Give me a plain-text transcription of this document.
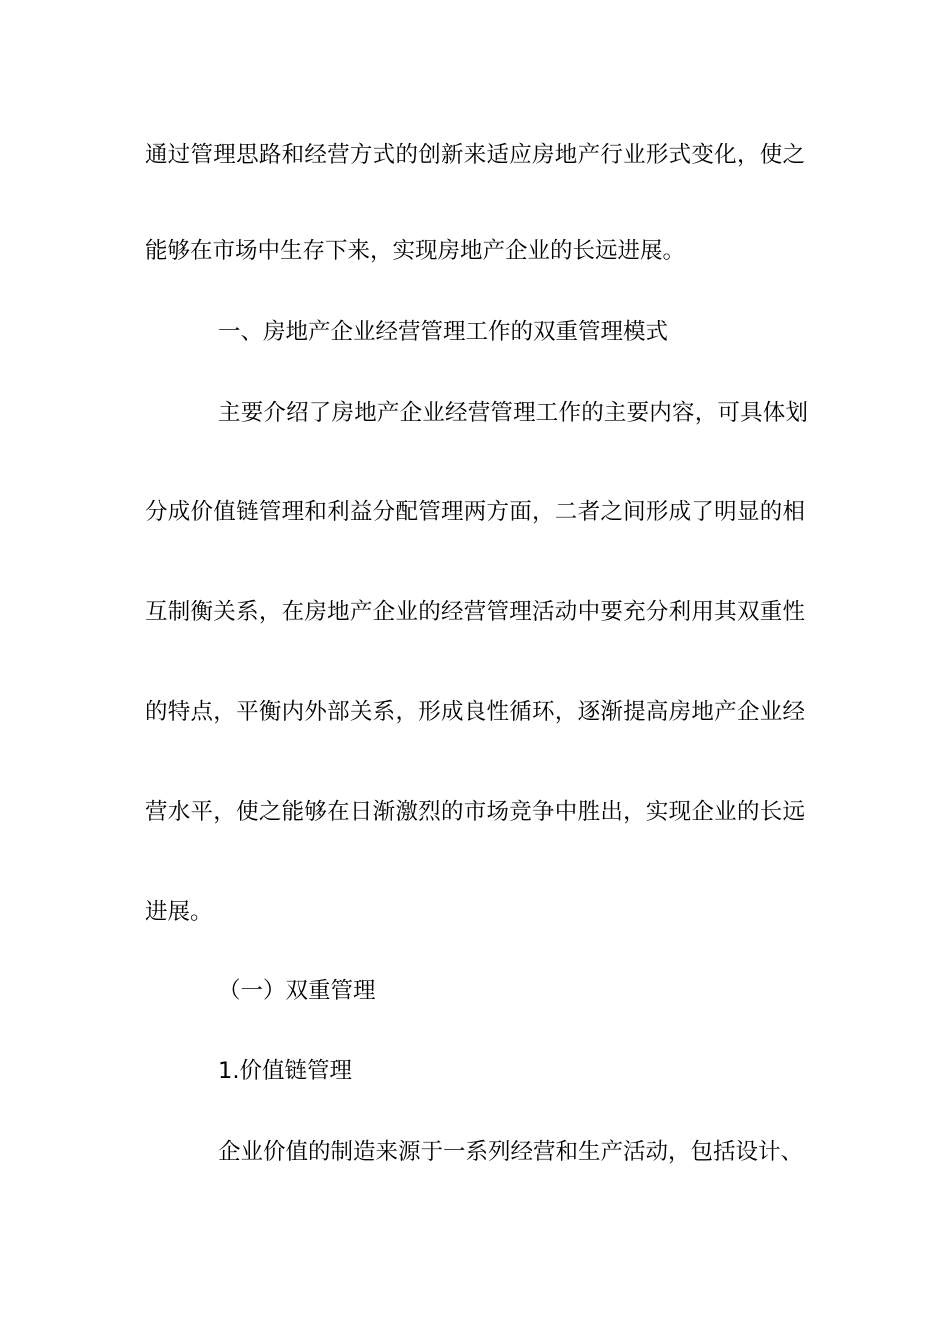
通过管理思路和经营方式的创新来适应房地产行业形式变化，使之
能够在市场中生存下来，实现房地产企业的长远进展。
一、房地产企业经营管理工作的双重管理模式
主要介绍了房地产企业经营管理工作的主要内容，可具体划
分成价值链管理和利益分配管理两方面，二者之间形成了明显的相
互制衡关系，在房地产企业的经营管理活动中要充分利用其双重性
的特点，平衡内外部关系，形成良性循环，逐渐提高房地产企业经
营水平，使之能够在日渐激烈的市场竞争中胜出，实现企业的长远
进展。
（一）双重管理
1.价值链管理
企业价值的制造来源于一系列经营和生产活动，包括设计、
